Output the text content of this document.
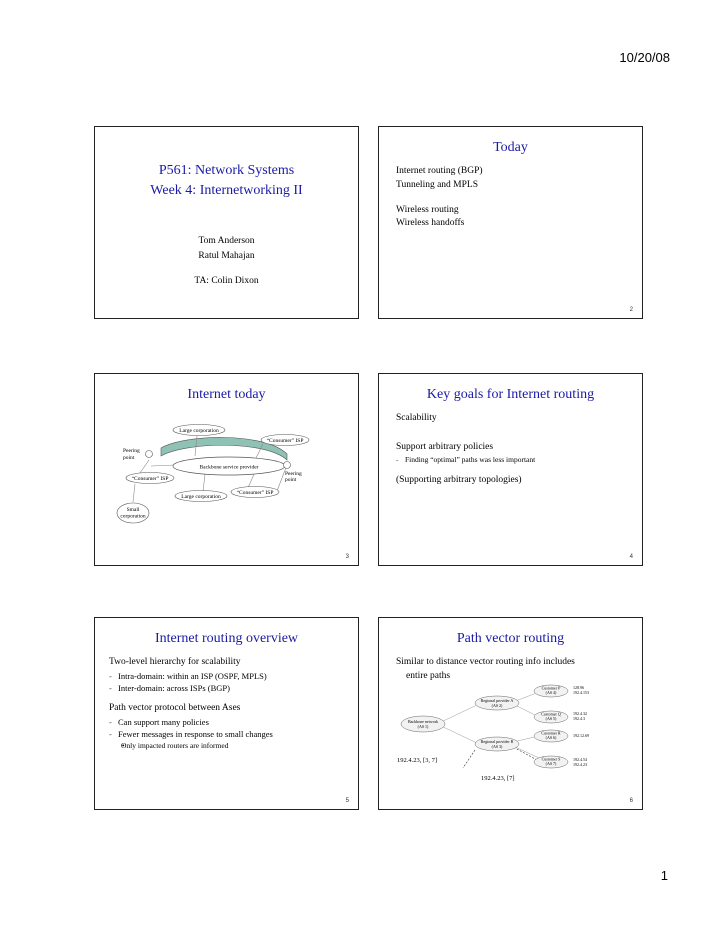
10/20/08
P561: Network Systems
Week 4: Internetworking II
Tom Anderson
Ratul Mahajan
TA: Colin Dixon
Today
Internet routing (BGP)
Tunneling and MPLS
Wireless routing
Wireless handoffs
2
Internet today
Backbone service provider
Peering
point
Peering
point
Large corporation
“Consumer” ISP
“Consumer” ISP
“Consumer” ISP
Large corporation
Small
corporation
3
Key goals for Internet routing
Scalability
Support arbitrary policies
- Finding “optimal” paths was less important
(Supporting arbitrary topologies)
4
Internet routing overview
Two-level hierarchy for scalability
- Intra-domain: within an ISP (OSPF, MPLS)
- Inter-domain: across ISPs (BGP)
Path vector protocol between Ases
- Can support many policies
- Fewer messages in response to small changes
• Only impacted routers are informed
5
Path vector routing
Similar to distance vector routing info includes
entire paths
Customer P
(AS 4)
128.96
192.4.153
Regional provider A
(AS 2)
Customer Q
(AS 5)
192.4.32
192.4.3
Backbone network
(AS 1)
Customer R
(AS 6)	192.12.69
Regional provider B
(AS 3)
Customer S
(AS 7)
192.4.54
192.4.23
192.4.23, [3, 7]
192.4.23, [7]
6
1
